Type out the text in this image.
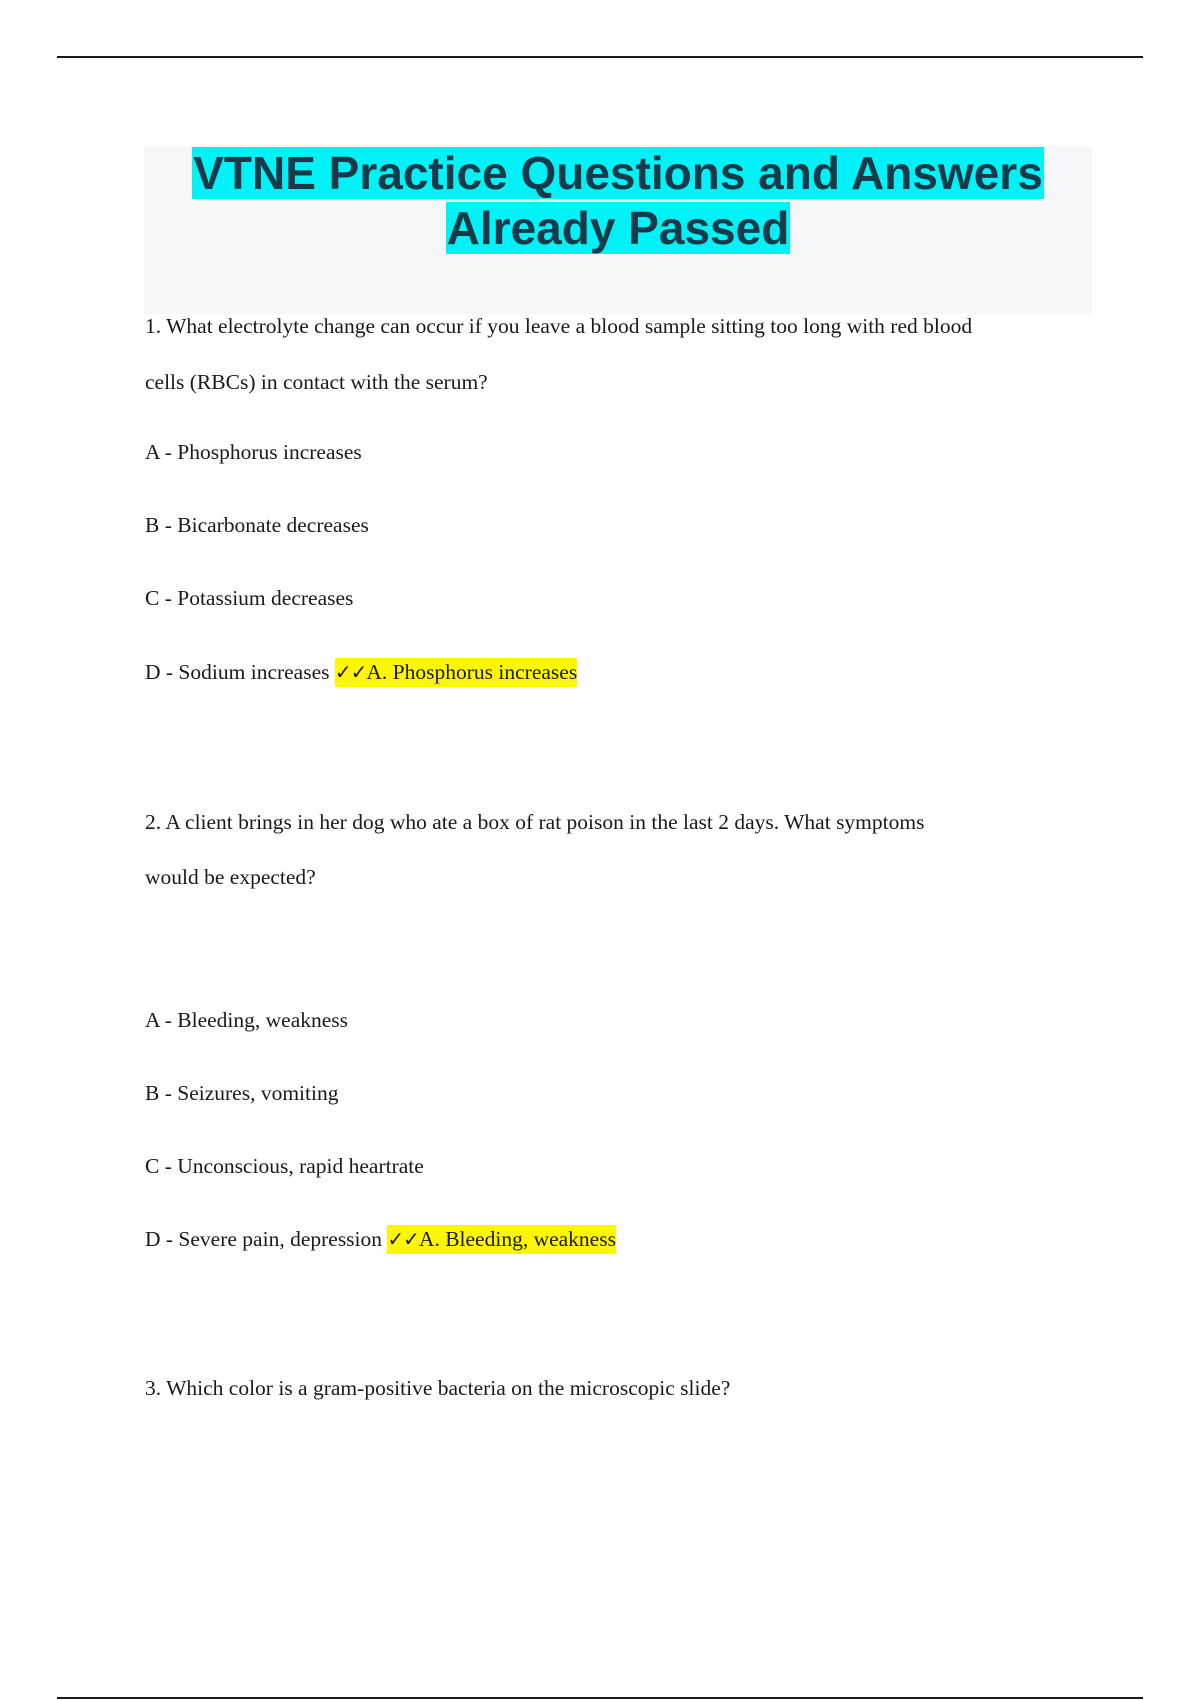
VTNE Practice Questions and Answers
Already Passed
1. What electrolyte change can occur if you leave a blood sample sitting too long with red blood
cells (RBCs) in contact with the serum?
A - Phosphorus increases
B - Bicarbonate decreases
C - Potassium decreases
D - Sodium increases ✓✓A. Phosphorus increases
2. A client brings in her dog who ate a box of rat poison in the last 2 days. What symptoms
would be expected?
A - Bleeding, weakness
B - Seizures, vomiting
C - Unconscious, rapid heartrate
D - Severe pain, depression ✓✓A. Bleeding, weakness
3. Which color is a gram-positive bacteria on the microscopic slide?
